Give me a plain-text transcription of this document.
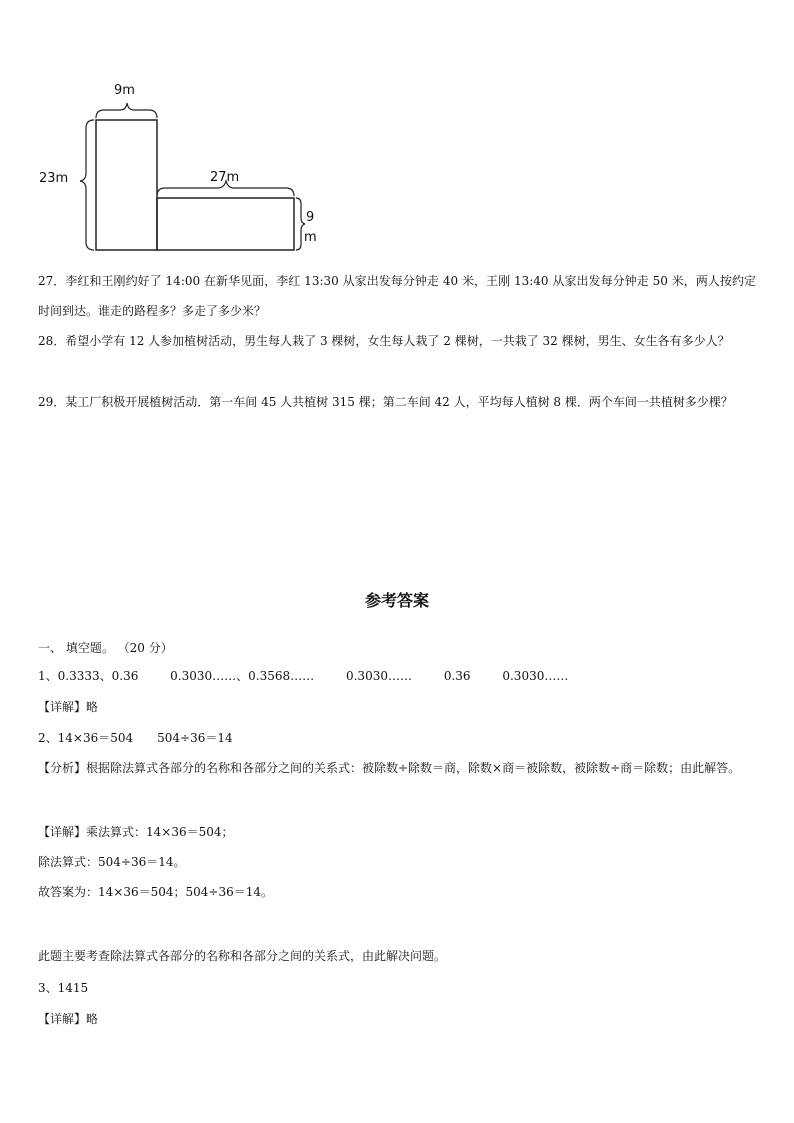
9m
23m	27m
9
m

27．李红和王刚约好了 14:00 在新华见面，李红 13:30 从家出发每分钟走 40 米，王刚 13:40 从家出发每分钟走 50 米，两人按约定时间到达。谁走的路程多？多走了多少米？

28．希望小学有 12 人参加植树活动，男生每人栽了 3 棵树，女生每人栽了 2 棵树，一共栽了 32 棵树，男生、女生各有多少人？

29．某工厂积极开展植树活动．第一车间 45 人共植树 315 棵；第二车间 42 人，平均每人植树 8 棵．两个车间一共植树多少棵？

参考答案

一、 填空题。 （20 分）

1、0.3333、0.36	0.3030……、0.3568……	0.3030……	0.36	0.3030……

【详解】略

2、14×36＝504　　504÷36＝14

【分析】根据除法算式各部分的名称和各部分之间的关系式：被除数÷除数＝商，除数×商＝被除数，被除数÷商＝除数；由此解答。

【详解】乘法算式：14×36＝504；

除法算式：504÷36＝14。

故答案为：14×36＝504；504÷36＝14。

此题主要考查除法算式各部分的名称和各部分之间的关系式，由此解决问题。

3、1415

【详解】略
